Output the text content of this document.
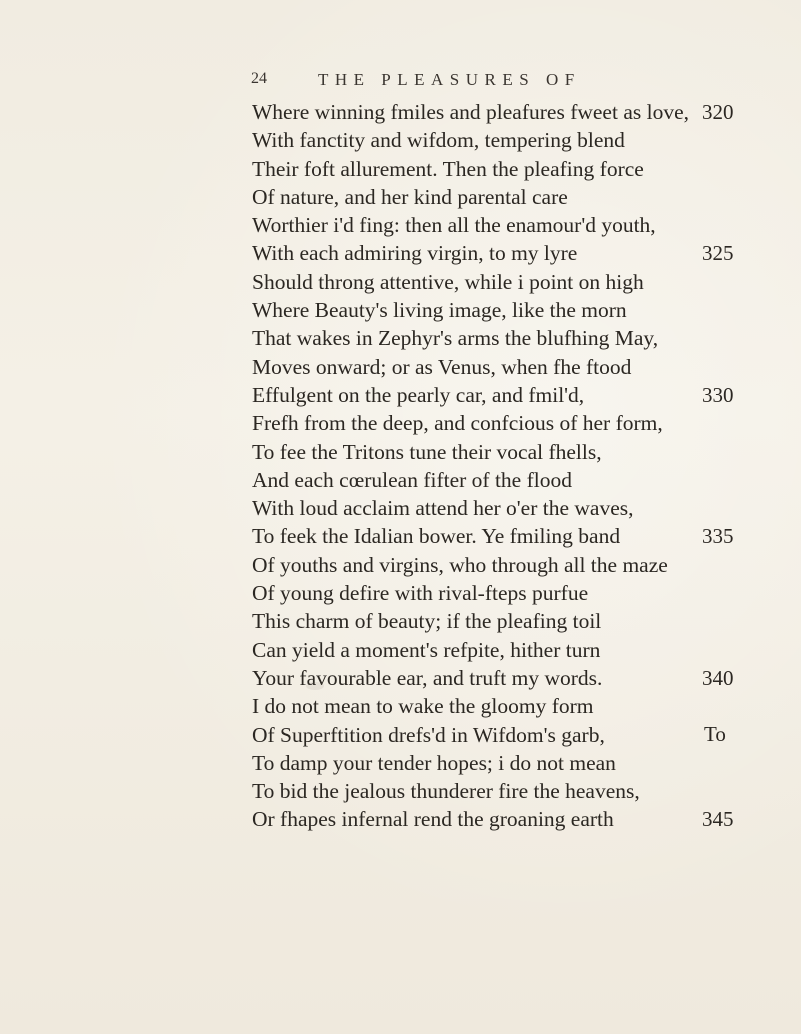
24	THE PLEASURES OF
Where winning fmiles and pleafures fweet as love, 320
With fanctity and wifdom, tempering blend
Their foft allurement. Then the pleafing force
Of nature, and her kind parental care
Worthier i'd fing: then all the enamour'd youth,
With each admiring virgin, to my lyre	325
Should throng attentive, while i point on high
Where Beauty's living image, like the morn
That wakes in Zephyr's arms the blufhing May,
Moves onward; or as Venus, when fhe ftood
Effulgent on the pearly car, and fmil'd,	330
Frefh from the deep, and confcious of her form,
To fee the Tritons tune their vocal fhells,
And each cœrulean fifter of the flood
With loud acclaim attend her o'er the waves,
To feek the Idalian bower. Ye fmiling band	335
Of youths and virgins, who through all the maze
Of young defire with rival-fteps purfue
This charm of beauty; if the pleafing toil
Can yield a moment's refpite, hither turn
Your favourable ear, and truft my words.	340
I do not mean to wake the gloomy form
Of Superftition drefs'd in Wifdom's garb,
To damp your tender hopes; i do not mean
To bid the jealous thunderer fire the heavens,
Or fhapes infernal rend the groaning earth	345
To
